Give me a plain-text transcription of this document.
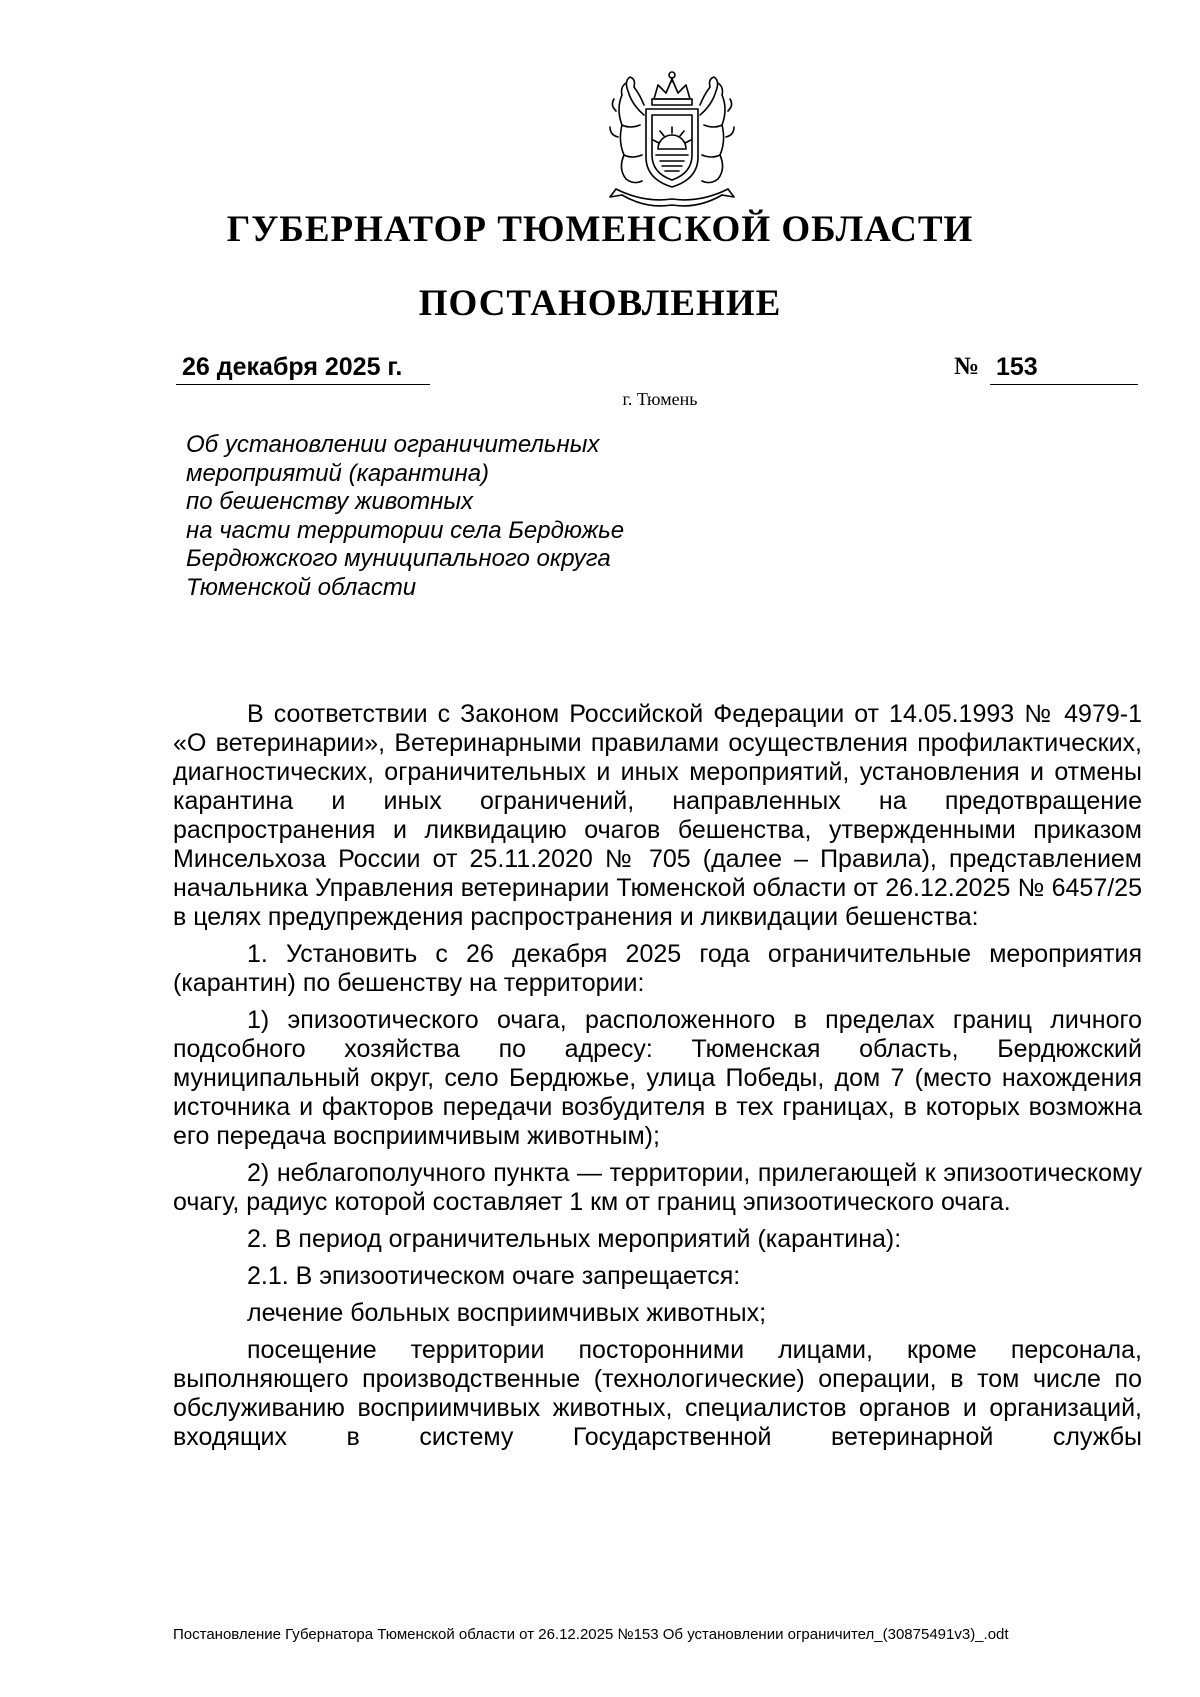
ГУБЕРНАТОР ТЮМЕНСКОЙ ОБЛАСТИ
ПОСТАНОВЛЕНИЕ
26 декабря 2025 г.	№ 153
г. Тюмень
Об установлении ограничительных
мероприятий (карантина)
по бешенству животных
на части территории села Бердюжье
Бердюжского муниципального округа
Тюменской области

В соответствии с Законом Российской Федерации от 14.05.1993 № 4979-1 «О ветеринарии», Ветеринарными правилами осуществления профилактических, диагностических, ограничительных и иных мероприятий, установления и отмены карантина и иных ограничений, направленных на предотвращение распространения и ликвидацию очагов бешенства, утвержденными приказом Минсельхоза России от 25.11.2020 № 705 (далее – Правила), представлением начальника Управления ветеринарии Тюменской области от 26.12.2025 № 6457/25 в целях предупреждения распространения и ликвидации бешенства:

1. Установить с 26 декабря 2025 года ограничительные мероприятия (карантин) по бешенству на территории:

1) эпизоотического очага, расположенного в пределах границ личного подсобного хозяйства по адресу: Тюменская область, Бердюжский муниципальный округ, село Бердюжье, улица Победы, дом 7 (место нахождения источника и факторов передачи возбудителя в тех границах, в которых возможна его передача восприимчивым животным);

2) неблагополучного пункта — территории, прилегающей к эпизоотическому очагу, радиус которой составляет 1 км от границ эпизоотического очага.

2. В период ограничительных мероприятий (карантина):

2.1. В эпизоотическом очаге запрещается:

лечение больных восприимчивых животных;

посещение территории посторонними лицами, кроме персонала, выполняющего производственные (технологические) операции, в том числе по обслуживанию восприимчивых животных, специалистов органов и организаций, входящих в систему Государственной ветеринарной службы

Постановление Губернатора Тюменской области от 26.12.2025 №153 Об установлении ограничител_(30875491v3)_.odt
